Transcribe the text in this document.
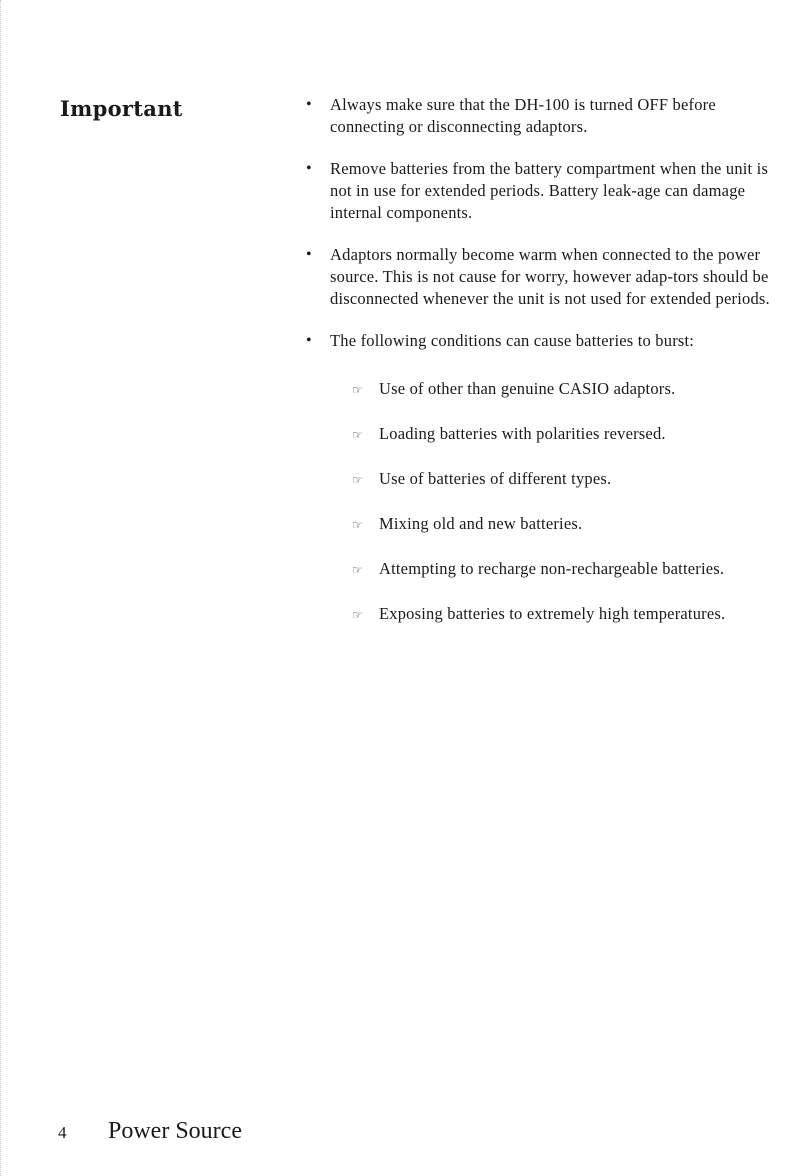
Important	• Always make sure that the DH-100 is turned OFF before connecting or disconnecting adaptors.
• Remove batteries from the battery compartment when the unit is not in use for extended periods. Battery leak-age can damage internal components.
• Adaptors normally become warm when connected to the power source. This is not cause for worry, however adap-tors should be disconnected whenever the unit is not used for extended periods.
• The following conditions can cause batteries to burst:
☞ Use of other than genuine CASIO adaptors.
☞ Loading batteries with polarities reversed.
☞ Use of batteries of different types.
☞ Mixing old and new batteries.
☞ Attempting to recharge non-rechargeable batteries.
☞ Exposing batteries to extremely high temperatures.
4	Power Source
